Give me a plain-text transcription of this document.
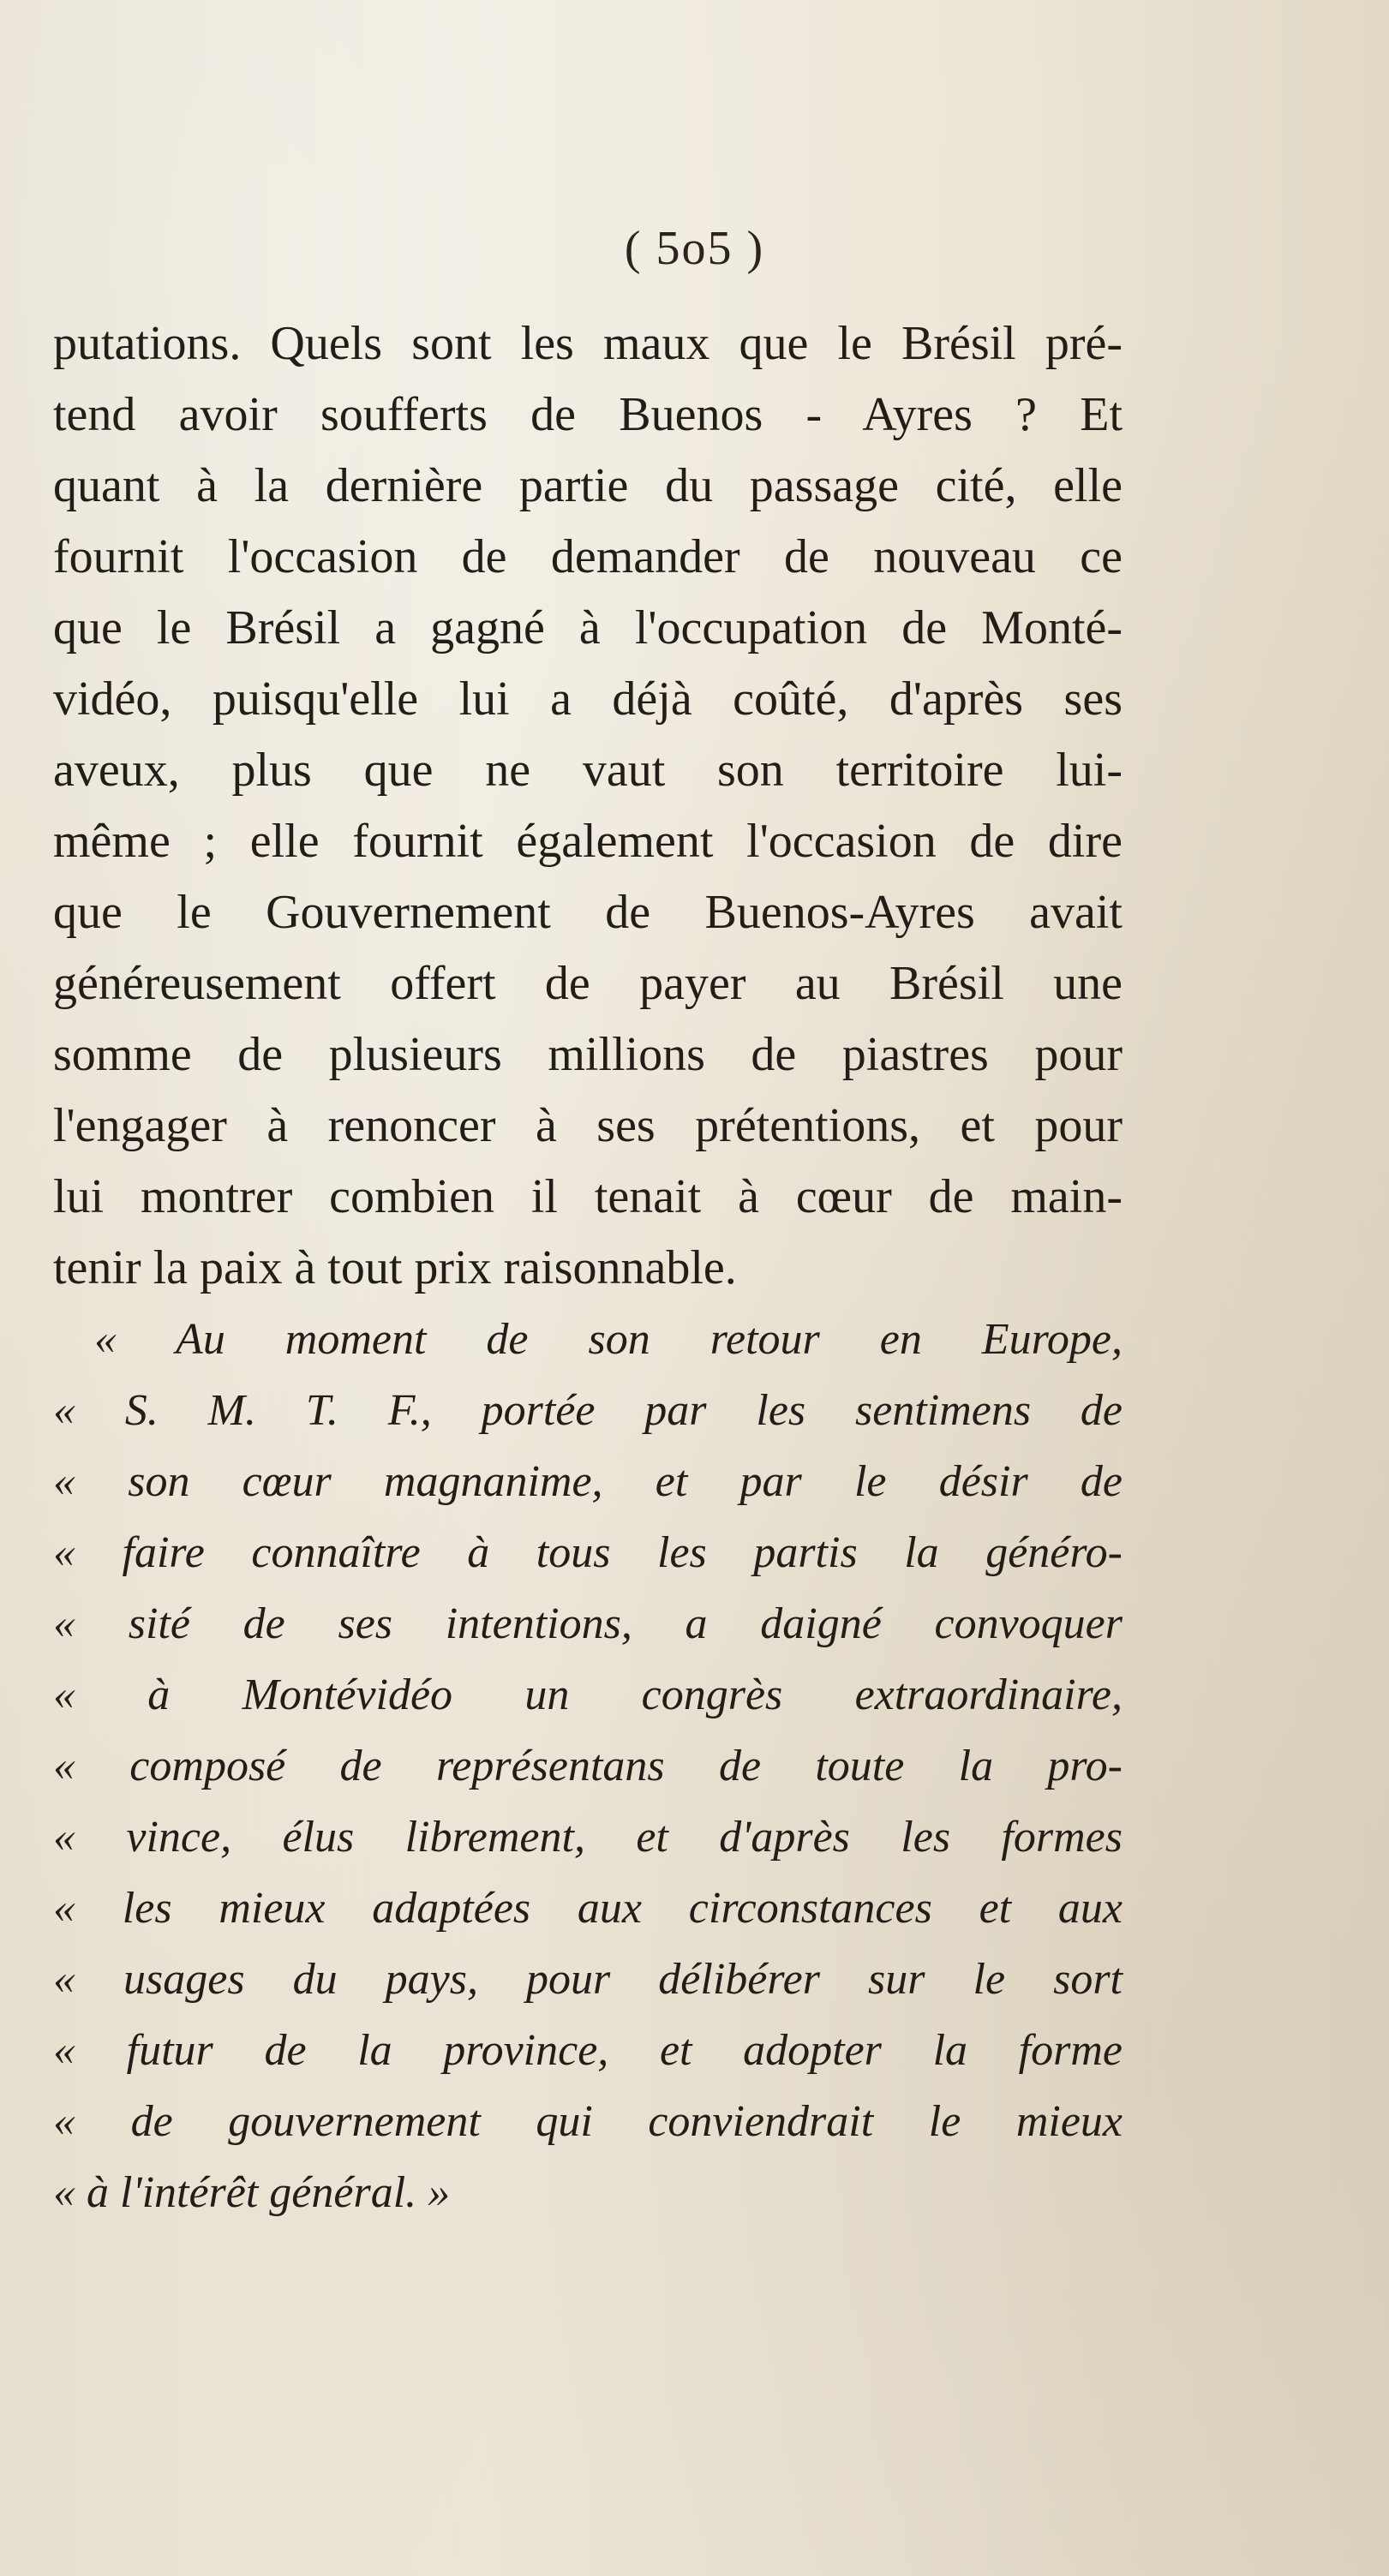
( 5o5 )
putations. Quels sont les maux que le Brésil pré-
tend avoir soufferts de Buenos - Ayres ? Et
quant à la dernière partie du passage cité, elle
fournit l'occasion de demander de nouveau ce
que le Brésil a gagné à l'occupation de Monté-
vidéo, puisqu'elle lui a déjà coûté, d'après ses
aveux, plus que ne vaut son territoire lui-
même ; elle fournit également l'occasion de dire
que le Gouvernement de Buenos-Ayres avait
généreusement offert de payer au Brésil une
somme de plusieurs millions de piastres pour
l'engager à renoncer à ses prétentions, et pour
lui montrer combien il tenait à cœur de main-
tenir la paix à tout prix raisonnable.
« Au moment de son retour en Europe,
« S. M. T. F., portée par les sentimens de
« son cœur magnanime, et par le désir de
« faire connaître à tous les partis la généro-
« sité de ses intentions, a daigné convoquer
« à Montévidéo un congrès extraordinaire,
« composé de représentans de toute la pro-
« vince, élus librement, et d'après les formes
« les mieux adaptées aux circonstances et aux
« usages du pays, pour délibérer sur le sort
« futur de la province, et adopter la forme
« de gouvernement qui conviendrait le mieux
« à l'intérêt général. »
